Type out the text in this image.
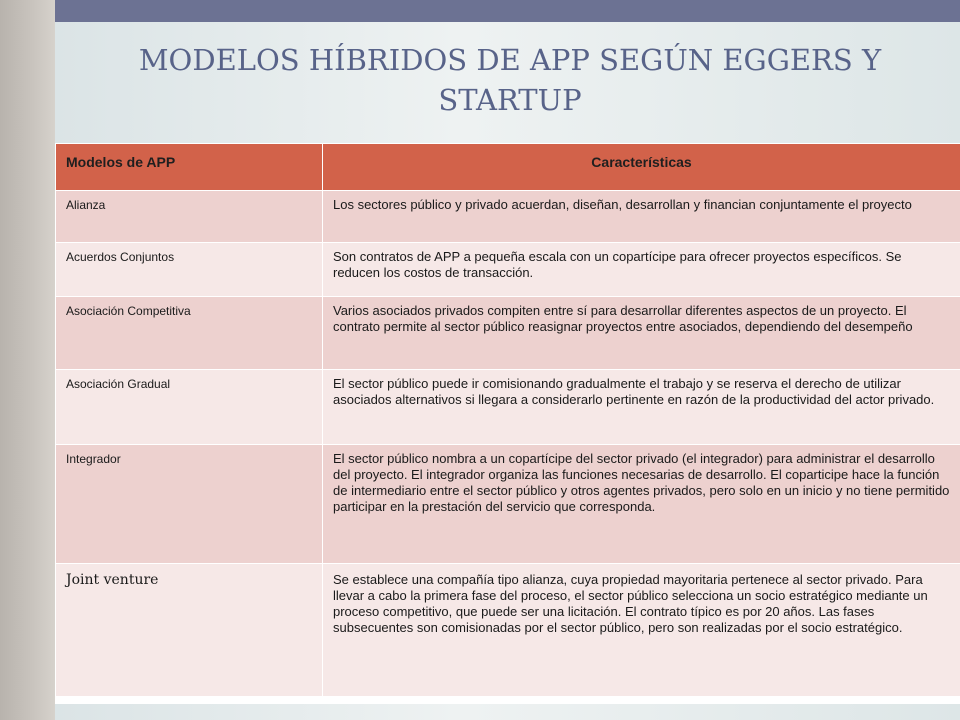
MODELOS HÍBRIDOS DE APP SEGÚN EGGERS Y STARTUP
Modelos de APP	Características
Alianza	Los sectores público y privado acuerdan, diseñan, desarrollan y financian conjuntamente el proyecto
Acuerdos Conjuntos	Son contratos de APP a pequeña escala con un copartícipe para ofrecer proyectos específicos. Se reducen los costos de transacción.
Asociación Competitiva	Varios asociados privados compiten entre sí para desarrollar diferentes aspectos de un proyecto. El contrato permite al sector público reasignar proyectos entre asociados, dependiendo del desempeño
Asociación Gradual	El sector público puede ir comisionando gradualmente el trabajo y se reserva el derecho de utilizar asociados alternativos si llegara a considerarlo pertinente en razón de la productividad del actor privado.
Integrador	El sector público nombra a un copartícipe del sector privado (el integrador) para administrar el desarrollo del proyecto. El integrador organiza las funciones necesarias de desarrollo. El coparticipe hace la función de intermediario entre el sector público y otros agentes privados, pero solo en un inicio y no tiene permitido participar en la prestación del servicio que corresponda.
Joint venture	Se establece una compañía tipo alianza, cuya propiedad mayoritaria pertenece al sector privado. Para llevar a cabo la primera fase del proceso, el sector público selecciona un socio estratégico mediante un proceso competitivo, que puede ser una licitación. El contrato típico es por 20 años. Las fases subsecuentes son comisionadas por el sector público, pero son realizadas por el socio estratégico.
